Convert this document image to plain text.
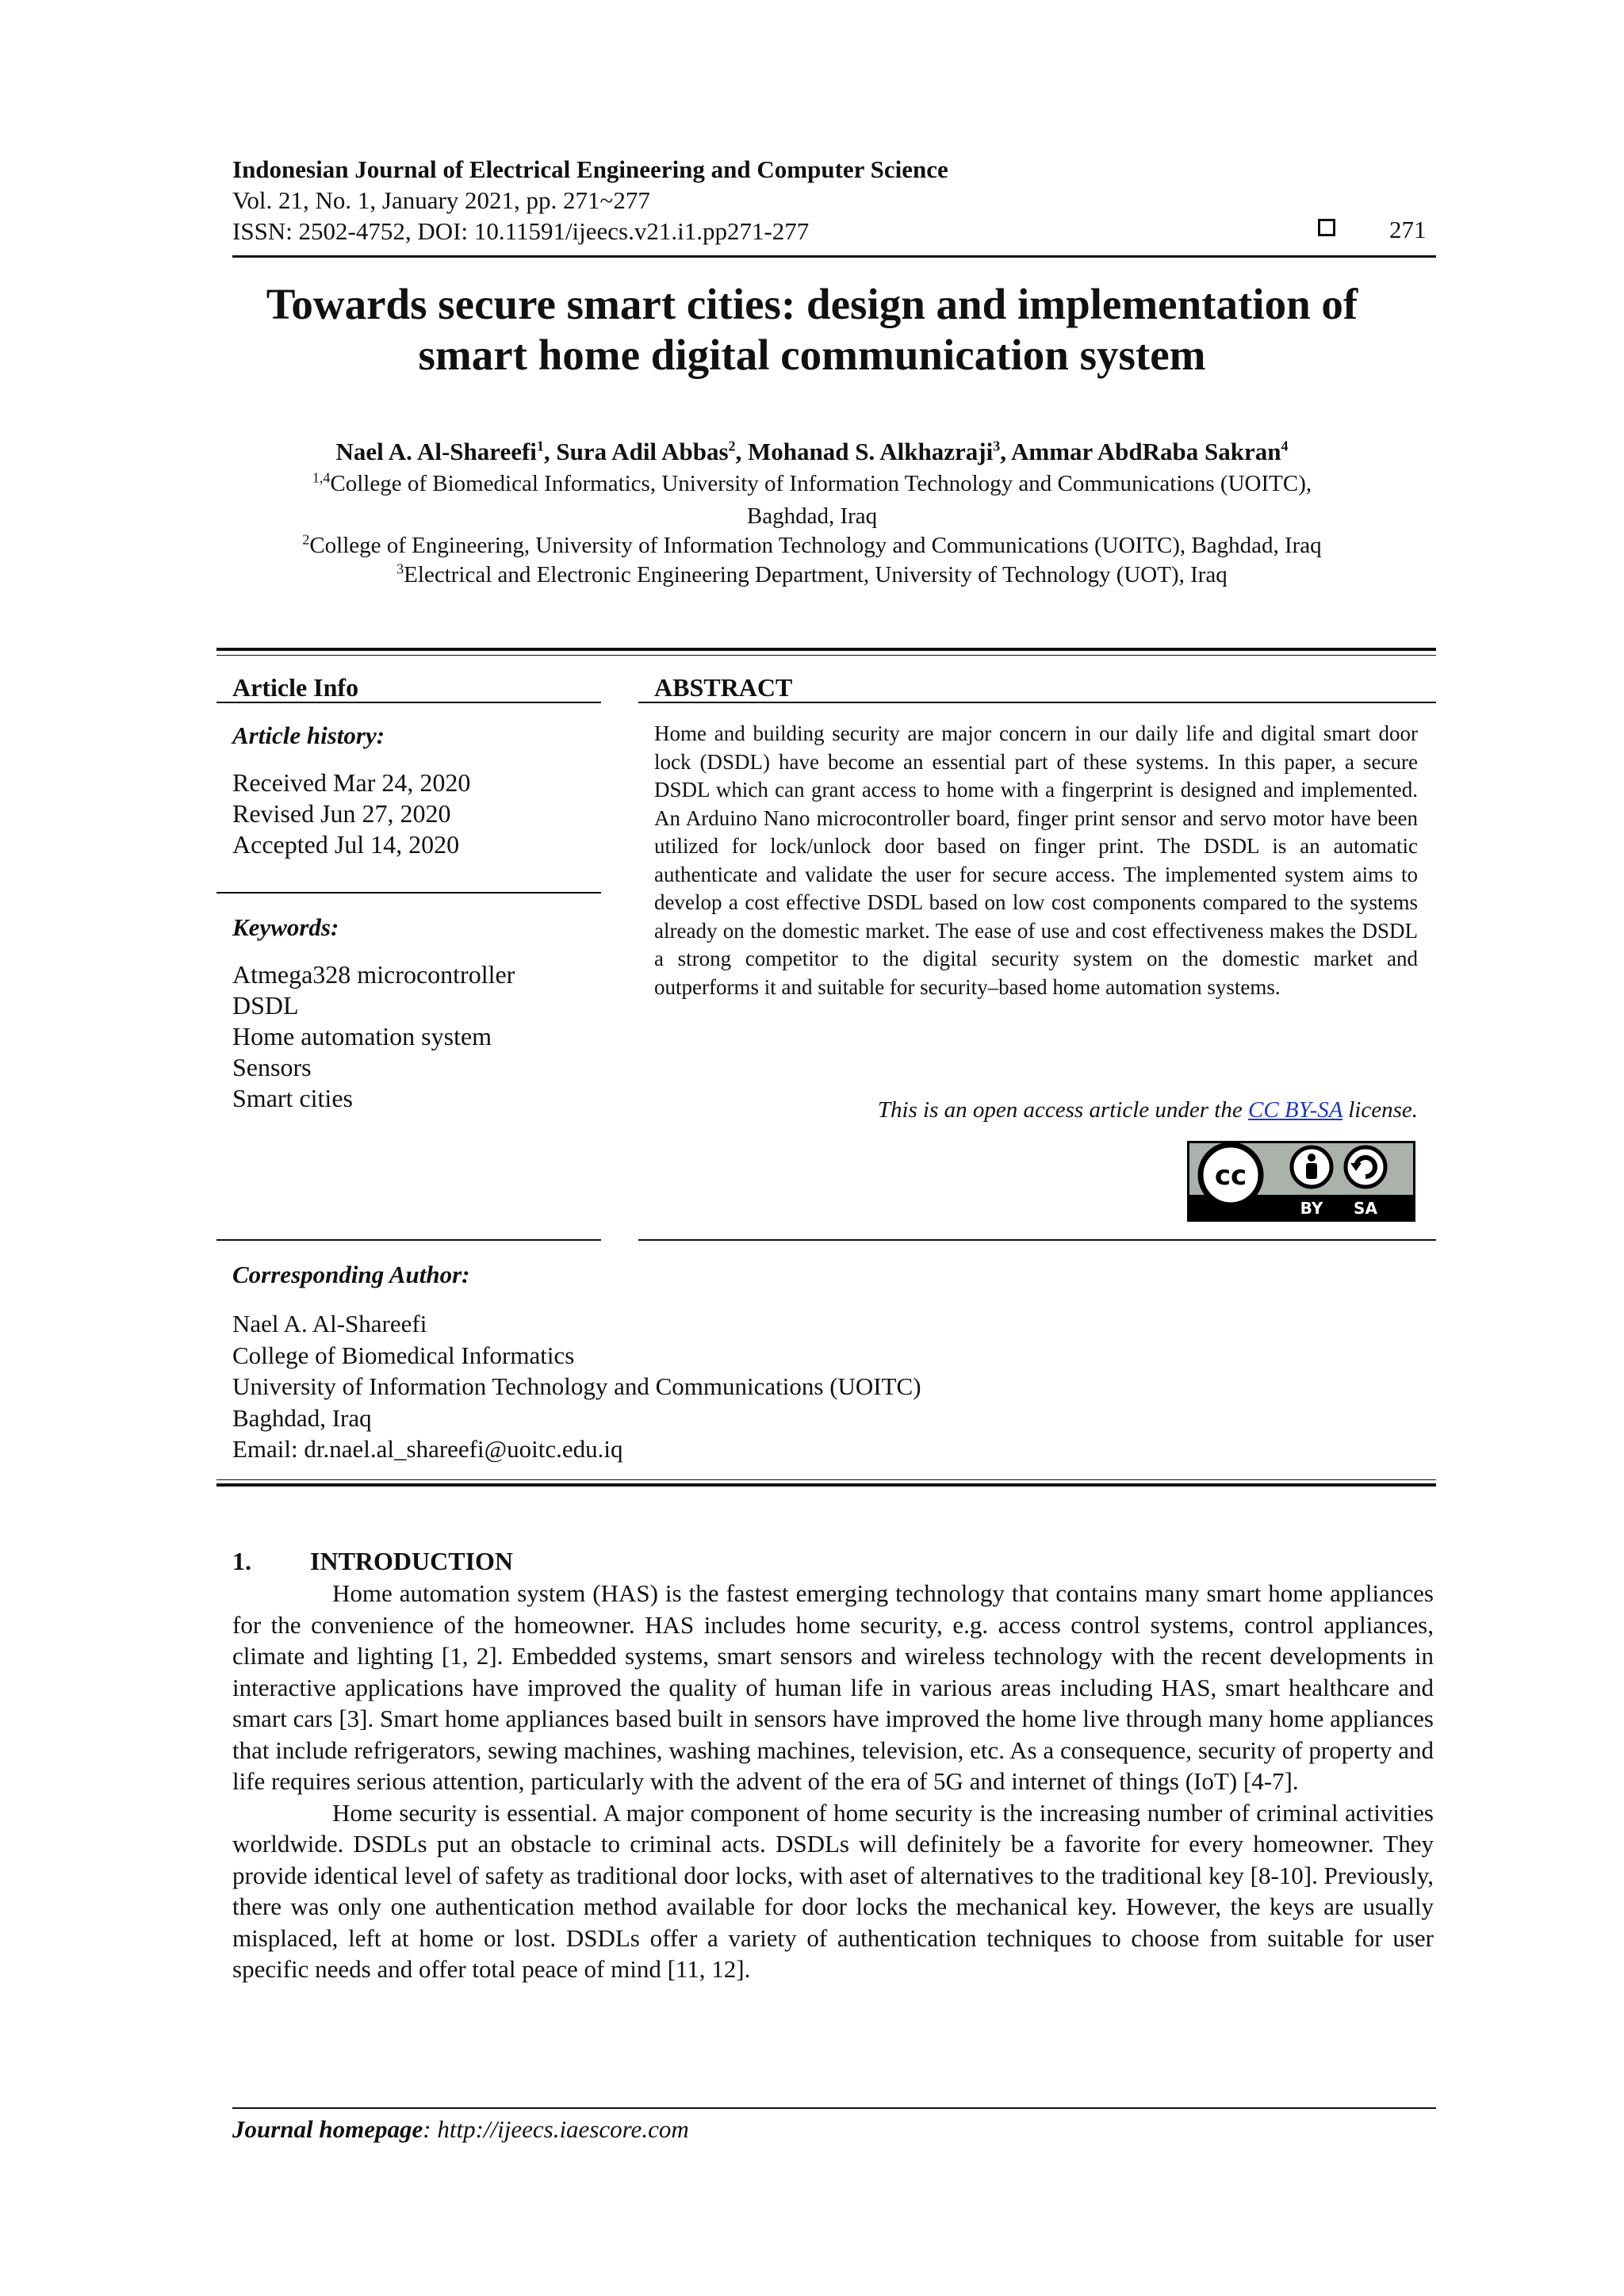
Indonesian Journal of Electrical Engineering and Computer Science
Vol. 21, No. 1, January 2021, pp. 271~277
ISSN: 2502-4752, DOI: 10.11591/ijeecs.v21.i1.pp271-277	271
Towards secure smart cities: design and implementation of
smart home digital communication system
Nael A. Al-Shareefi$^1$, Sura Adil Abbas$^2$, Mohanad S. Alkhazraji$^3$, Ammar AbdRaba Sakran$^4$
$^{1,4}$College of Biomedical Informatics, University of Information Technology and Communications (UOITC),
Baghdad, Iraq
$^2$College of Engineering, University of Information Technology and Communications (UOITC), Baghdad, Iraq
$^3$Electrical and Electronic Engineering Department, University of Technology (UOT), Iraq
Article Info
Article history:
Received Mar 24, 2020
Revised Jun 27, 2020
Accepted Jul 14, 2020
Keywords:
Atmega328 microcontroller
DSDL
Home automation system
Sensors
Smart cities
ABSTRACT
Home and building security are major concern in our daily life and digital smart door lock (DSDL) have become an essential part of these systems. In this paper, a secure DSDL which can grant access to home with a fingerprint is designed and implemented. An Arduino Nano microcontroller board, finger print sensor and servo motor have been utilized for lock/unlock door based on finger print. The DSDL is an automatic authenticate and validate the user for secure access. The implemented system aims to develop a cost effective DSDL based on low cost components compared to the systems already on the domestic market. The ease of use and cost effectiveness makes the DSDL a strong competitor to the digital security system on the domestic market and outperforms it and suitable for security–based home automation systems.
This is an open access article under the CC BY-SA license.
cc
BY SA
Corresponding Author:
Nael A. Al-Shareefi
College of Biomedical Informatics
University of Information Technology and Communications (UOITC)
Baghdad, Iraq
Email: dr.nael.al_shareefi@uoitc.edu.iq
1. INTRODUCTION

Home automation system (HAS) is the fastest emerging technology that contains many smart home appliances for the convenience of the homeowner. HAS includes home security, e.g. access control systems, control appliances, climate and lighting [1, 2]. Embedded systems, smart sensors and wireless technology with the recent developments in interactive applications have improved the quality of human life in various areas including HAS, smart healthcare and smart cars [3]. Smart home appliances based built in sensors have improved the home live through many home appliances that include refrigerators, sewing machines, washing machines, television, etc. As a consequence, security of property and life requires serious attention, particularly with the advent of the era of 5G and internet of things (IoT) [4-7].

Home security is essential. A major component of home security is the increasing number of criminal activities worldwide. DSDLs put an obstacle to criminal acts. DSDLs will definitely be a favorite for every homeowner. They provide identical level of safety as traditional door locks, with aset of alternatives to the traditional key [8-10]. Previously, there was only one authentication method available for door locks the mechanical key. However, the keys are usually misplaced, left at home or lost. DSDLs offer a variety of authentication techniques to choose from suitable for user specific needs and offer total peace of mind [11, 12].

Journal homepage: http://ijeecs.iaescore.com
